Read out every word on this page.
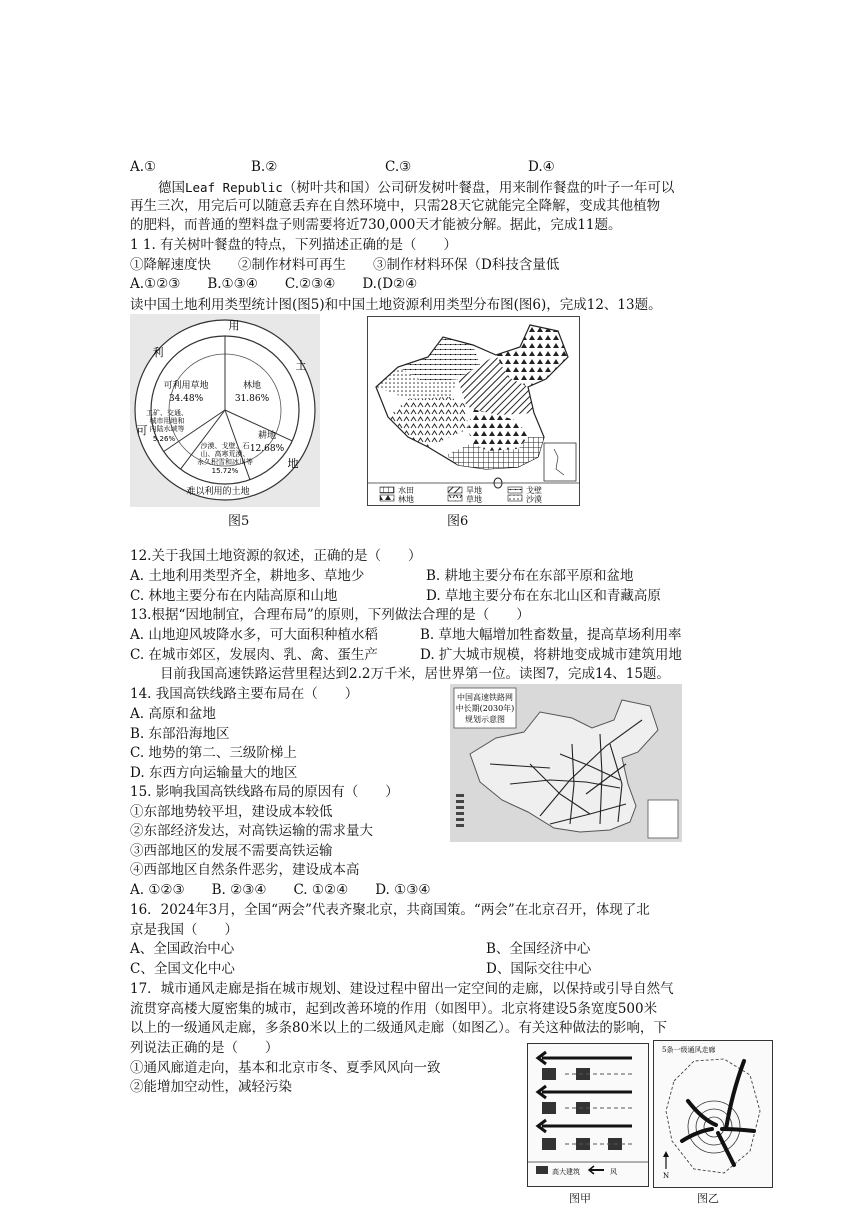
A.①	B.②	C.③	D.④
德国Leaf Republic（树叶共和国）公司研发树叶餐盘，用来制作餐盘的叶子一年可以
再生三次，用完后可以随意丢弃在自然环境中，只需28天它就能完全降解，变成其他植物
的肥料，而普通的塑料盘子则需要将近730,000天才能被分解。据此，完成11题。
1 1. 有关树叶餐盘的特点，下列描述正确的是（　　）
①降解速度快　　②制作材料可再生　　③制作材料环保（D科技含量低
A.①②③　　B.①③④　　C.②③④　　D.(D②④
读中国土地利用类型统计图(图5)和中国土地资源利用类型分布图(图6)，完成12、13题。
利
用
土
地
可
难以利用的土地
可利用草地
34.48%
林地
31.86%
耕地
12.68%
沙漠、戈壁、石
山、高寒荒漠、
永久积雪和冰川等
15.72%
工矿、交通、
城市用地和
内陆水域等
5.26%
图5
水田	旱地	戈壁
林地	草地	沙漠
图6
12.关于我国土地资源的叙述，正确的是（　　）
A. 土地利用类型齐全，耕地多、草地少	B. 耕地主要分布在东部平原和盆地
C. 林地主要分布在内陆高原和山地	D. 草地主要分布在东北山区和青藏高原
13.根据“因地制宜，合理布局”的原则，下列做法合理的是（　　）
A. 山地迎风坡降水多，可大面积种植水稻	B. 草地大幅增加牲畜数量，提高草场利用率
C. 在城市郊区，发展肉、乳、禽、蛋生产	D. 扩大城市规模，将耕地变成城市建筑用地
目前我国高速铁路运营里程达到2.2万千米，居世界第一位。读图7，完成14、15题。
中国高速铁路网
中长期(2030年)
规划示意图
14. 我国高铁线路主要布局在（　　）
A. 高原和盆地
B. 东部沿海地区
C. 地势的第二、三级阶梯上
D. 东西方向运输量大的地区
15. 影响我国高铁线路布局的原因有（　　）
①东部地势较平坦，建设成本较低
②东部经济发达，对高铁运输的需求量大
③西部地区的发展不需要高铁运输
④西部地区自然条件恶劣，建设成本高
A. ①②③　　B. ②③④　　C. ①②④　　D. ①③④
16．2024年3月，全国“两会”代表齐聚北京，共商国策。“两会”在北京召开，体现了北
京是我国（　　）
A、全国政治中心	B、全国经济中心
C、全国文化中心	D、国际交往中心
17．城市通风走廊是指在城市规划、建设过程中留出一定空间的走廊，以保持或引导自然气
流贯穿高楼大厦密集的城市，起到改善环境的作用（如图甲）。北京将建设5条宽度500米
以上的一级通风走廊，多条80米以上的二级通风走廊（如图乙）。有关这种做法的影响，下
列说法正确的是（　　）
①通风廊道走向，基本和北京市冬、夏季风风向一致
②能增加空动性，减轻污染
高大建筑	风
图甲
5条一级通风走廊
N
图乙
